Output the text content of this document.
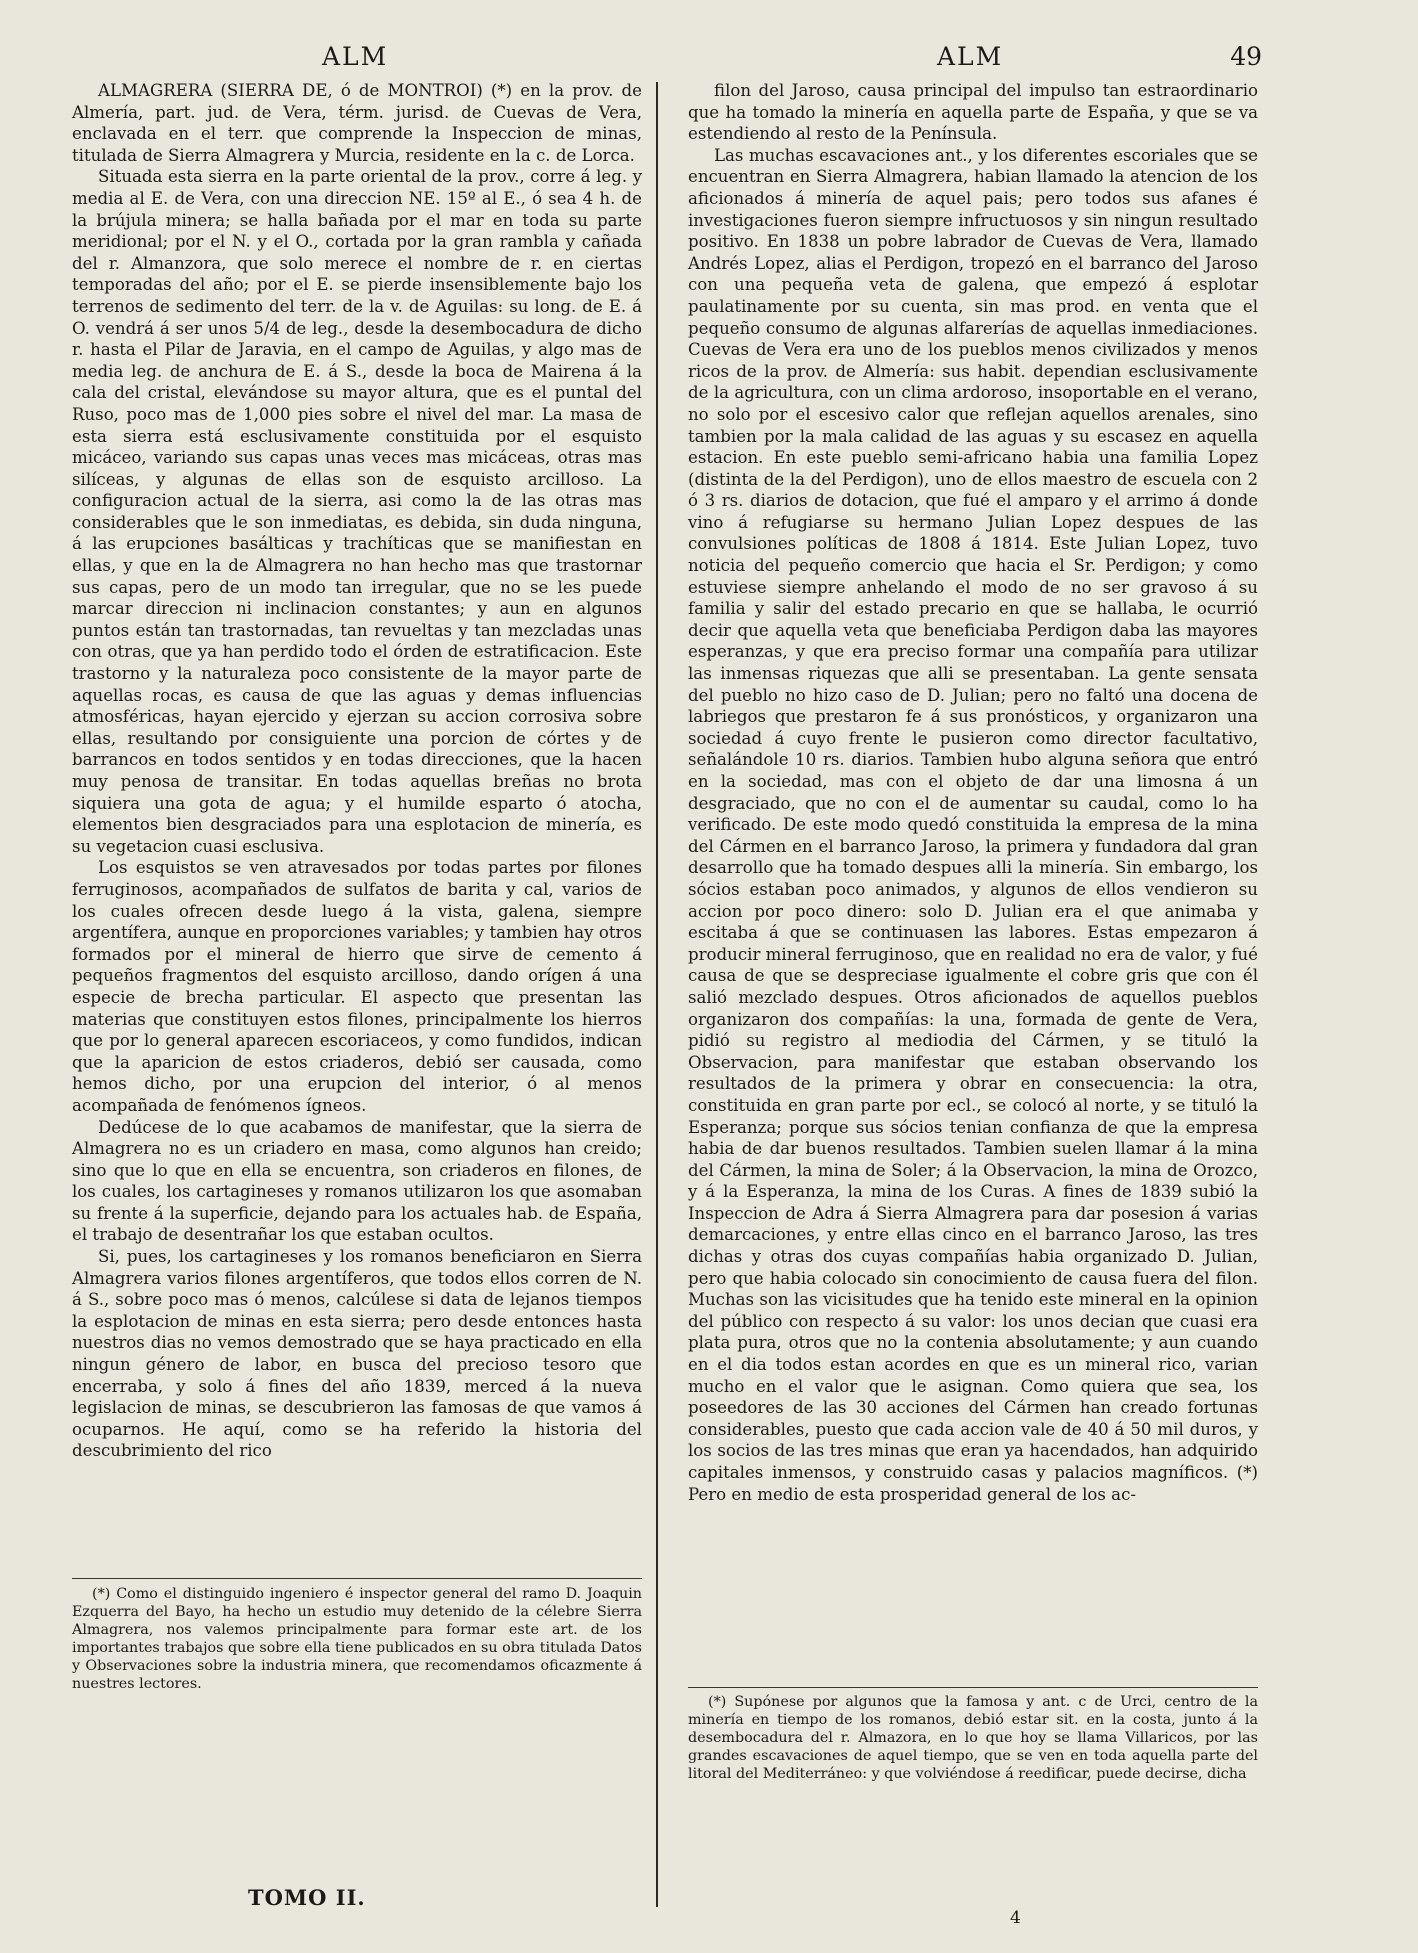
ALM	ALM	49

ALMAGRERA (SIERRA DE, ó de MONTROI) (*) en la prov. de Almería, part. jud. de Vera, térm. jurisd. de Cuevas de Vera, enclavada en el terr. que comprende la Inspeccion de minas, titulada de Sierra Almagrera y Murcia, residente en la c. de Lorca.

Situada esta sierra en la parte oriental de la prov., corre á leg. y media al E. de Vera, con una direccion NE. 15º al E., ó sea 4 h. de la brújula minera; se halla bañada por el mar en toda su parte meridional; por el N. y el O., cortada por la gran rambla y cañada del r. Almanzora, que solo merece el nombre de r. en ciertas temporadas del año; por el E. se pierde insensiblemente bajo los terrenos de sedimento del terr. de la v. de Aguilas: su long. de E. á O. vendrá á ser unos 5/4 de leg., desde la desembocadura de dicho r. hasta el Pilar de Jaravia, en el campo de Aguilas, y algo mas de media leg. de anchura de E. á S., desde la boca de Mairena á la cala del cristal, elevándose su mayor altura, que es el puntal del Ruso, poco mas de 1,000 pies sobre el nivel del mar. La masa de esta sierra está esclusivamente constituida por el esquisto micáceo, variando sus capas unas veces mas micáceas, otras mas silíceas, y algunas de ellas son de esquisto arcilloso. La configuracion actual de la sierra, asi como la de las otras mas considerables que le son inmediatas, es debida, sin duda ninguna, á las erupciones basálticas y trachíticas que se manifiestan en ellas, y que en la de Almagrera no han hecho mas que trastornar sus capas, pero de un modo tan irregular, que no se les puede marcar direccion ni inclinacion constantes; y aun en algunos puntos están tan trastornadas, tan revueltas y tan mezcladas unas con otras, que ya han perdido todo el órden de estratificacion. Este trastorno y la naturaleza poco consistente de la mayor parte de aquellas rocas, es causa de que las aguas y demas influencias atmosféricas, hayan ejercido y ejerzan su accion corrosiva sobre ellas, resultando por consiguiente una porcion de córtes y de barrancos en todos sentidos y en todas direcciones, que la hacen muy penosa de transitar. En todas aquellas breñas no brota siquiera una gota de agua; y el humilde esparto ó atocha, elementos bien desgraciados para una esplotacion de minería, es su vegetacion cuasi esclusiva.

Los esquistos se ven atravesados por todas partes por filones ferruginosos, acompañados de sulfatos de barita y cal, varios de los cuales ofrecen desde luego á la vista, galena, siempre argentífera, aunque en proporciones variables; y tambien hay otros formados por el mineral de hierro que sirve de cemento á pequeños fragmentos del esquisto arcilloso, dando orígen á una especie de brecha particular. El aspecto que presentan las materias que constituyen estos filones, principalmente los hierros que por lo general aparecen escoriaceos, y como fundidos, indican que la aparicion de estos criaderos, debió ser causada, como hemos dicho, por una erupcion del interior, ó al menos acompañada de fenómenos ígneos.

Dedúcese de lo que acabamos de manifestar, que la sierra de Almagrera no es un criadero en masa, como algunos han creido; sino que lo que en ella se encuentra, son criaderos en filones, de los cuales, los cartagineses y romanos utilizaron los que asomaban su frente á la superficie, dejando para los actuales hab. de España, el trabajo de desentrañar los que estaban ocultos.

Si, pues, los cartagineses y los romanos beneficiaron en Sierra Almagrera varios filones argentíferos, que todos ellos corren de N. á S., sobre poco mas ó menos, calcúlese si data de lejanos tiempos la esplotacion de minas en esta sierra; pero desde entonces hasta nuestros dias no vemos demostrado que se haya practicado en ella ningun género de labor, en busca del precioso tesoro que encerraba, y solo á fines del año 1839, merced á la nueva legislacion de minas, se descubrieron las famosas de que vamos á ocuparnos. He aquí, como se ha referido la historia del descubrimiento del rico

filon del Jaroso, causa principal del impulso tan estraordinario que ha tomado la minería en aquella parte de España, y que se va estendiendo al resto de la Península.

Las muchas escavaciones ant., y los diferentes escoriales que se encuentran en Sierra Almagrera, habian llamado la atencion de los aficionados á minería de aquel pais; pero todos sus afanes é investigaciones fueron siempre infructuosos y sin ningun resultado positivo. En 1838 un pobre labrador de Cuevas de Vera, llamado Andrés Lopez, alias el Perdigon, tropezó en el barranco del Jaroso con una pequeña veta de galena, que empezó á esplotar paulatinamente por su cuenta, sin mas prod. en venta que el pequeño consumo de algunas alfarerías de aquellas inmediaciones. Cuevas de Vera era uno de los pueblos menos civilizados y menos ricos de la prov. de Almería: sus habit. dependian esclusivamente de la agricultura, con un clima ardoroso, insoportable en el verano, no solo por el escesivo calor que reflejan aquellos arenales, sino tambien por la mala calidad de las aguas y su escasez en aquella estacion. En este pueblo semi-africano habia una familia Lopez (distinta de la del Perdigon), uno de ellos maestro de escuela con 2 ó 3 rs. diarios de dotacion, que fué el amparo y el arrimo á donde vino á refugiarse su hermano Julian Lopez despues de las convulsiones políticas de 1808 á 1814. Este Julian Lopez, tuvo noticia del pequeño comercio que hacia el Sr. Perdigon; y como estuviese siempre anhelando el modo de no ser gravoso á su familia y salir del estado precario en que se hallaba, le ocurrió decir que aquella veta que beneficiaba Perdigon daba las mayores esperanzas, y que era preciso formar una compañía para utilizar las inmensas riquezas que alli se presentaban. La gente sensata del pueblo no hizo caso de D. Julian; pero no faltó una docena de labriegos que prestaron fe á sus pronósticos, y organizaron una sociedad á cuyo frente le pusieron como director facultativo, señalándole 10 rs. diarios. Tambien hubo alguna señora que entró en la sociedad, mas con el objeto de dar una limosna á un desgraciado, que no con el de aumentar su caudal, como lo ha verificado. De este modo quedó constituida la empresa de la mina del Cármen en el barranco Jaroso, la primera y fundadora dal gran desarrollo que ha tomado despues alli la minería. Sin embargo, los sócios estaban poco animados, y algunos de ellos vendieron su accion por poco dinero: solo D. Julian era el que animaba y escitaba á que se continuasen las labores. Estas empezaron á producir mineral ferruginoso, que en realidad no era de valor, y fué causa de que se despreciase igualmente el cobre gris que con él salió mezclado despues. Otros aficionados de aquellos pueblos organizaron dos compañías: la una, formada de gente de Vera, pidió su registro al mediodia del Cármen, y se tituló la Observacion, para manifestar que estaban observando los resultados de la primera y obrar en consecuencia: la otra, constituida en gran parte por ecl., se colocó al norte, y se tituló la Esperanza; porque sus sócios tenian confianza de que la empresa habia de dar buenos resultados. Tambien suelen llamar á la mina del Cármen, la mina de Soler; á la Observacion, la mina de Orozco, y á la Esperanza, la mina de los Curas. A fines de 1839 subió la Inspeccion de Adra á Sierra Almagrera para dar posesion á varias demarcaciones, y entre ellas cinco en el barranco Jaroso, las tres dichas y otras dos cuyas compañías habia organizado D. Julian, pero que habia colocado sin conocimiento de causa fuera del filon. Muchas son las vicisitudes que ha tenido este mineral en la opinion del público con respecto á su valor: los unos decian que cuasi era plata pura, otros que no la contenia absolutamente; y aun cuando en el dia todos estan acordes en que es un mineral rico, varian mucho en el valor que le asignan. Como quiera que sea, los poseedores de las 30 acciones del Cármen han creado fortunas considerables, puesto que cada accion vale de 40 á 50 mil duros, y los socios de las tres minas que eran ya hacendados, han adquirido capitales inmensos, y construido casas y palacios magníficos. (*) Pero en medio de esta prosperidad general de los ac-

(*) Como el distinguido ingeniero é inspector general del ramo D. Joaquin Ezquerra del Bayo, ha hecho un estudio muy detenido de la célebre Sierra Almagrera, nos valemos principalmente para formar este art. de los importantes trabajos que sobre ella tiene publicados en su obra titulada Datos y Observaciones sobre la industria minera, que recomendamos oficazmente á nuestres lectores.

(*) Supónese por algunos que la famosa y ant. c de Urci, centro de la minería en tiempo de los romanos, debió estar sit. en la costa, junto á la desembocadura del r. Almazora, en lo que hoy se llama Villaricos, por las grandes escavaciones de aquel tiempo, que se ven en toda aquella parte del litoral del Mediterráneo: y que volviéndose á reedificar, puede decirse, dicha

TOMO II.
4
